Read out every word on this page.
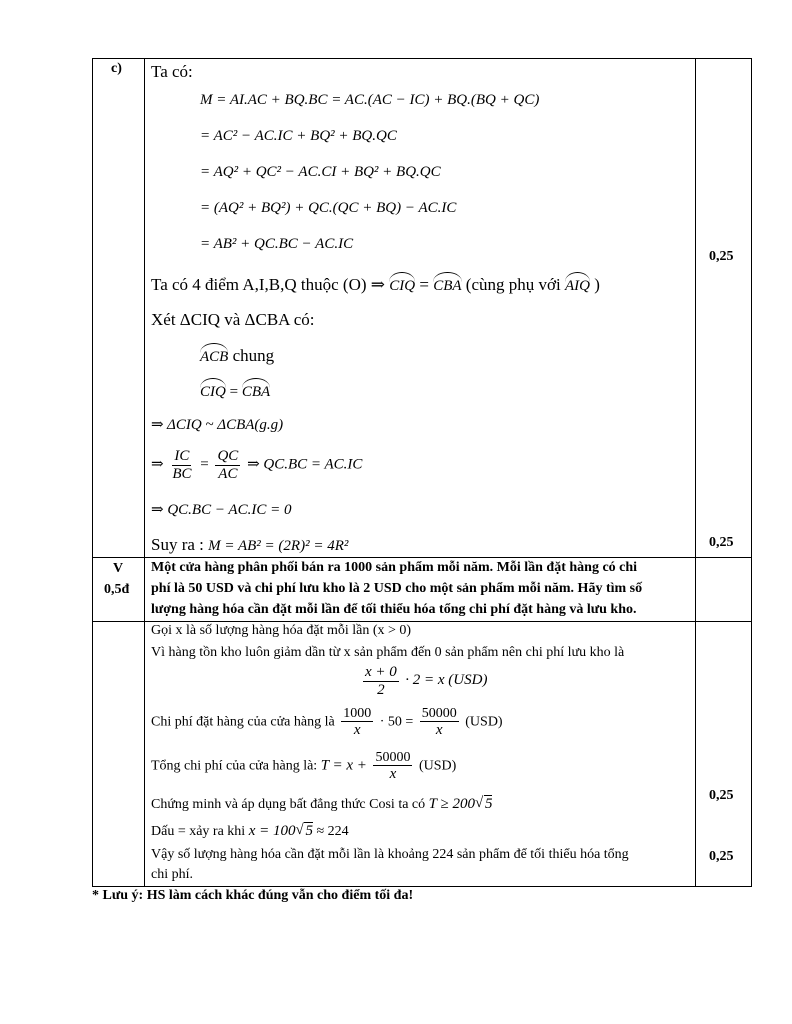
c) Ta có:
M = AI.AC + BQ.BC = AC.(AC − IC) + BQ.(BQ + QC)
= AC² − AC.IC + BQ² + BQ.QC
= AQ² + QC² − AC.CI + BQ² + BQ.QC
= (AQ² + BQ²) + QC.(QC + BQ) − AC.IC
= AB² + QC.BC − AC.IC
Ta có 4 điểm A,I,B,Q thuộc (O) ⇒ CIQ = CBA (cùng phụ với AIQ )
Xét ΔCIQ và ΔCBA có:
ACB chung
CIQ = CBA
⇒ ΔCIQ ~ ΔCBA(g.g)
⇒ $\frac{IC}{BC} = \frac{QC}{AC}$ ⇒ QC.BC = AC.IC
⇒ QC.BC − AC.IC = 0
Suy ra : M = AB² = (2R)² = 4R²
0,25
0,25
V
0,5đ
Một cửa hàng phân phối bán ra 1000 sản phẩm mỗi năm. Mỗi lần đặt hàng có chi
phí là 50 USD và chi phí lưu kho là 2 USD cho một sản phẩm mỗi năm. Hãy tìm số
lượng hàng hóa cần đặt mỗi lần để tối thiểu hóa tổng chi phí đặt hàng và lưu kho.
Gọi x là số lượng hàng hóa đặt mỗi lần (x > 0)
Vì hàng tồn kho luôn giảm dần từ x sản phẩm đến 0 sản phẩm nên chi phí lưu kho là
$\frac{x + 0}{2} \cdot 2 = x$ (USD)
Chi phí đặt hàng của cửa hàng là $\frac{1000}{x} \cdot 50 = \frac{50000}{x} (USD)$
Tổng chi phí của cửa hàng là: $T = x + \frac{50000}{x} (USD)$
Chứng minh và áp dụng bất đẳng thức Cosi ta có T ≥ 200 √ 5
Dấu = xảy ra khi x = 100 √ 5 ≈ 224
Vậy số lượng hàng hóa cần đặt mỗi lần là khoảng 224 sản phẩm để tối thiểu hóa tổng
chi phí.
0,25
0,25
* Lưu ý: HS làm cách khác đúng vẫn cho điểm tối đa!
